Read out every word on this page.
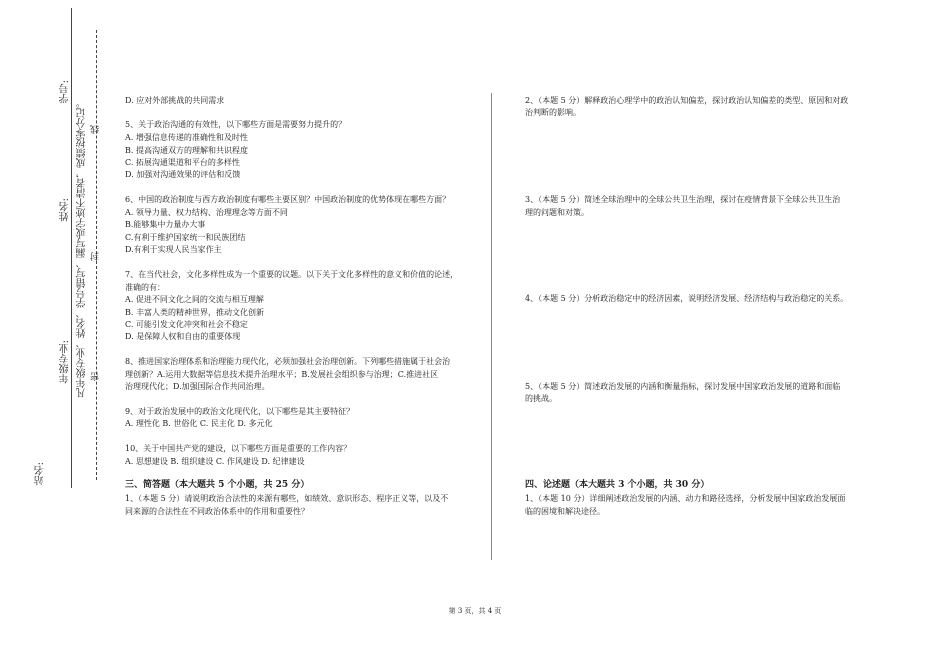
学号:
姓名:
年级专业:
站名:
凡年级专业、姓名、学号错写、漏写或字迹不清者，成绩按零分记。 线
封
密

D. 应对外部挑战的共同需求

5、关于政治沟通的有效性，以下哪些方面是需要努力提升的？

A. 增强信息传递的准确性和及时性

B. 提高沟通双方的理解和共识程度

C. 拓展沟通渠道和平台的多样性

D. 加强对沟通效果的评估和反馈

6、中国的政治制度与西方政治制度有哪些主要区别？中国政治制度的优势体现在哪些方面？

A. 领导力量、权力结构、治理理念等方面不同

B.能够集中力量办大事

C.有利于维护国家统一和民族团结

D.有利于实现人民当家作主

7、在当代社会，文化多样性成为一个重要的议题。以下关于文化多样性的意义和价值的论述，

准确的有：

A. 促进不同文化之间的交流与相互理解

B. 丰富人类的精神世界，推动文化创新

C. 可能引发文化冲突和社会不稳定

D. 是保障人权和自由的重要体现

8、推进国家治理体系和治理能力现代化，必须加强社会治理创新。下列哪些措施属于社会治

理创新？A.运用大数据等信息技术提升治理水平；B.发展社会组织参与治理；C.推进社区

治理现代化；D.加强国际合作共同治理。

9、对于政治发展中的政治文化现代化，以下哪些是其主要特征？

A. 理性化 B. 世俗化 C. 民主化 D. 多元化

10、关于中国共产党的建设，以下哪些方面是重要的工作内容？

A. 思想建设 B. 组织建设 C. 作风建设 D. 纪律建设

三、简答题（本大题共 5 个小题，共 25 分）

1、（本题 5 分）请说明政治合法性的来源有哪些，如绩效、意识形态、程序正义等，以及不

同来源的合法性在不同政治体系中的作用和重要性？

2、（本题 5 分）解释政治心理学中的政治认知偏差，探讨政治认知偏差的类型、原因和对政

治判断的影响。

3、（本题 5 分）简述全球治理中的全球公共卫生治理，探讨在疫情背景下全球公共卫生治

理的问题和对策。

4、（本题 5 分）分析政治稳定中的经济因素，说明经济发展、经济结构与政治稳定的关系。

5、（本题 5 分）简述政治发展的内涵和衡量指标，探讨发展中国家政治发展的道路和面临

的挑战。

四、论述题（本大题共 3 个小题，共 30 分）

1、（本题 10 分）详细阐述政治发展的内涵、动力和路径选择，分析发展中国家政治发展面

临的困境和解决途径。

第 3 页，共 4 页
